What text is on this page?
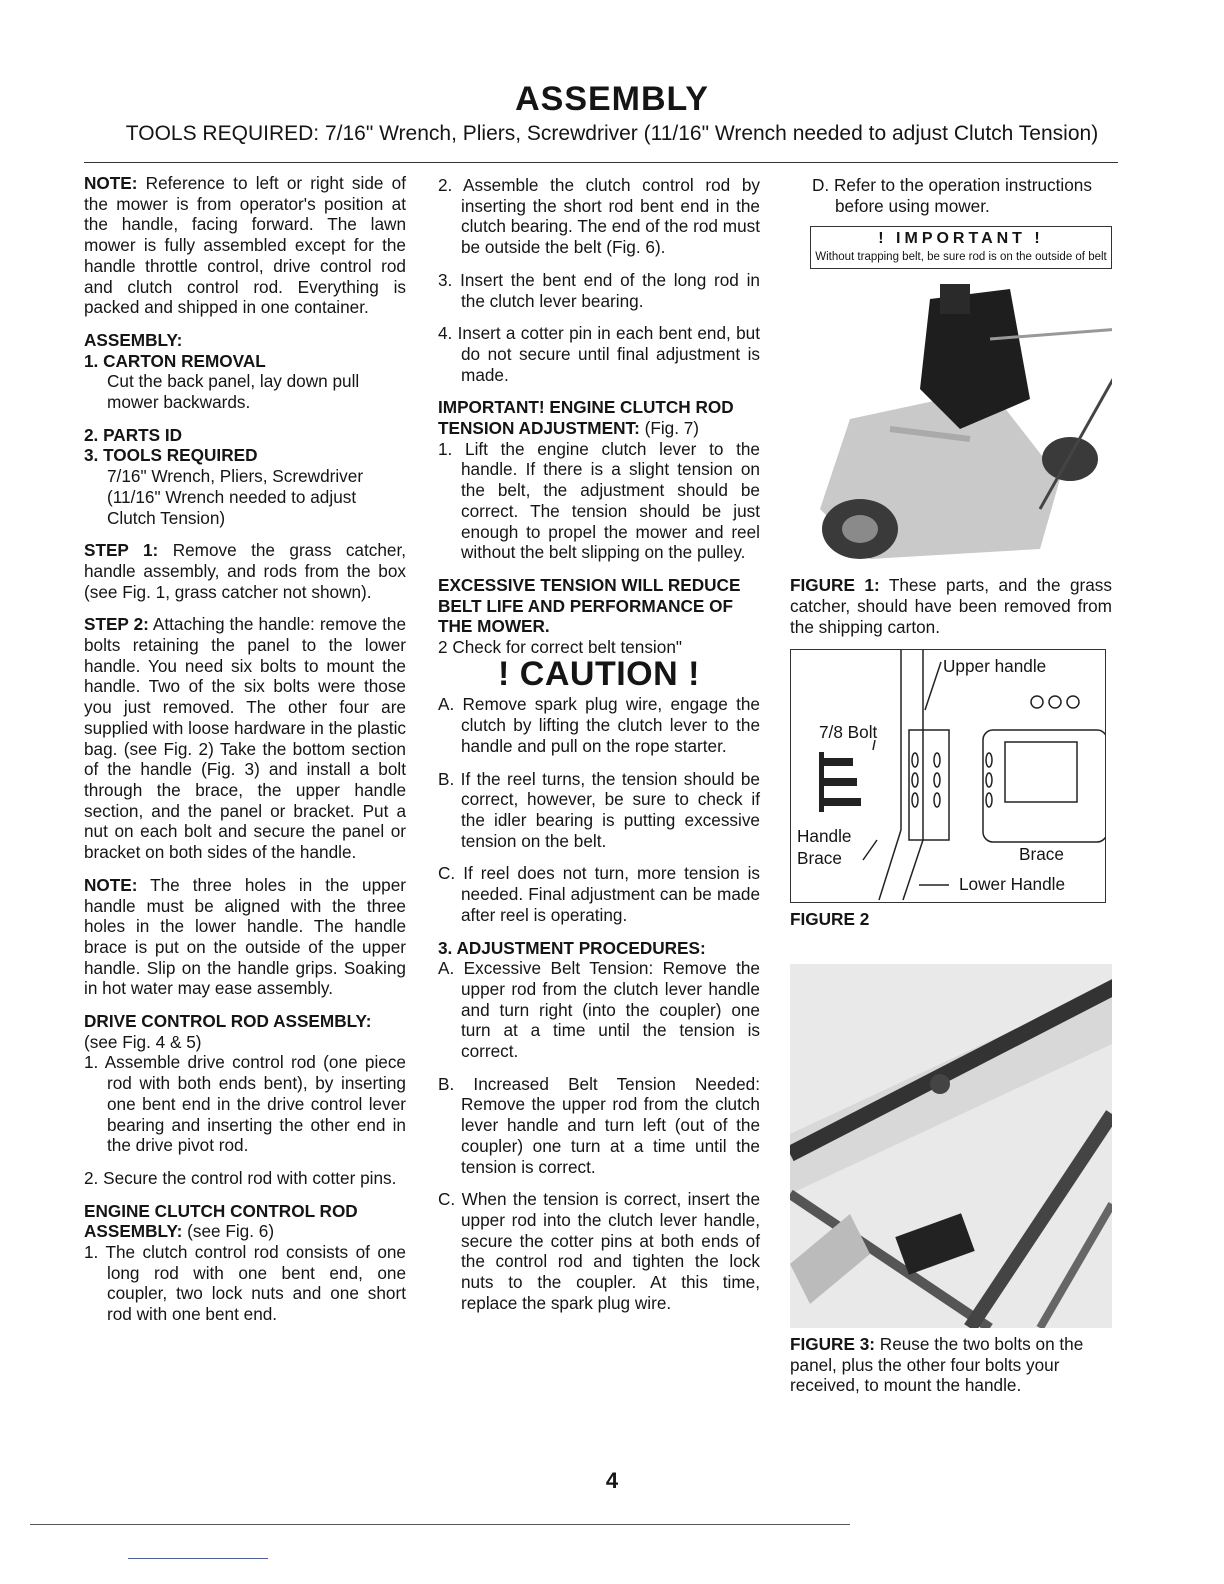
ASSEMBLY
TOOLS REQUIRED: 7/16" Wrench, Pliers, Screwdriver (11/16" Wrench needed to adjust Clutch Tension)

NOTE: Reference to left or right side of the mower is from operator's position at the handle, facing forward. The lawn mower is fully assembled except for the handle throttle control, drive control rod and clutch control rod. Everything is packed and shipped in one container.

ASSEMBLY:
1. CARTON REMOVAL

Cut the back panel, lay down pull mower backwards.

2. PARTS ID

3. TOOLS REQUIRED

7/16" Wrench, Pliers, Screwdriver (11/16" Wrench needed to adjust Clutch Tension)

STEP 1: Remove the grass catcher, handle assembly, and rods from the box (see Fig. 1, grass catcher not shown).

STEP 2: Attaching the handle: remove the bolts retaining the panel to the lower handle. You need six bolts to mount the handle. Two of the six bolts were those you just removed. The other four are supplied with loose hardware in the plastic bag. (see Fig. 2) Take the bottom section of the handle (Fig. 3) and install a bolt through the brace, the upper handle section, and the panel or bracket. Put a nut on each bolt and secure the panel or bracket on both sides of the handle.

NOTE: The three holes in the upper handle must be aligned with the three holes in the lower handle. The handle brace is put on the outside of the upper handle. Slip on the handle grips. Soaking in hot water may ease assembly.

DRIVE CONTROL ROD ASSEMBLY:
(see Fig. 4 & 5)

1. Assemble drive control rod (one piece rod with both ends bent), by inserting one bent end in the drive control lever bearing and inserting the other end in the drive pivot rod.

2. Secure the control rod with cotter pins.

ENGINE CLUTCH CONTROL ROD
ASSEMBLY: (see Fig. 6)

1. The clutch control rod consists of one long rod with one bent end, one coupler, two lock nuts and one short rod with one bent end.

2. Assemble the clutch control rod by inserting the short rod bent end in the clutch bearing. The end of the rod must be outside the belt (Fig. 6).

3. Insert the bent end of the long rod in the clutch lever bearing.

4. Insert a cotter pin in each bent end, but do not secure until final adjustment is made.

IMPORTANT! ENGINE CLUTCH ROD
TENSION ADJUSTMENT: (Fig. 7)

1. Lift the engine clutch lever to the handle. If there is a slight tension on the belt, the adjustment should be correct. The tension should be just enough to propel the mower and reel without the belt slipping on the pulley.

EXCESSIVE TENSION WILL REDUCE BELT LIFE AND PERFORMANCE OF THE MOWER.
2 Check for correct belt tension"
! CAUTION !

A. Remove spark plug wire, engage the clutch by lifting the clutch lever to the handle and pull on the rope starter.

B. If the reel turns, the tension should be correct, however, be sure to check if the idler bearing is putting excessive tension on the belt.

C. If reel does not turn, more tension is needed. Final adjustment can be made after reel is operating.

3. ADJUSTMENT PROCEDURES:

A. Excessive Belt Tension: Remove the upper rod from the clutch lever handle and turn right (into the coupler) one turn at a time until the tension is correct.

B. Increased Belt Tension Needed: Remove the upper rod from the clutch lever handle and turn left (out of the coupler) one turn at a time until the tension is correct.

C. When the tension is correct, insert the upper rod into the clutch lever handle, secure the cotter pins at both ends of the control rod and tighten the lock nuts to the coupler. At this time, replace the spark plug wire.

D. Refer to the operation instructions before using mower.
! IMPORTANT !
Without trapping belt, be sure rod is on the outside of belt

FIGURE 1: These parts, and the grass catcher, should have been removed from the shipping carton.

Upper handle
7/8 Bolt
Handle
Brace	Brace
Lower Handle
FIGURE 2

FIGURE 3: Reuse the two bolts on the panel, plus the other four bolts your received, to mount the handle.

4
